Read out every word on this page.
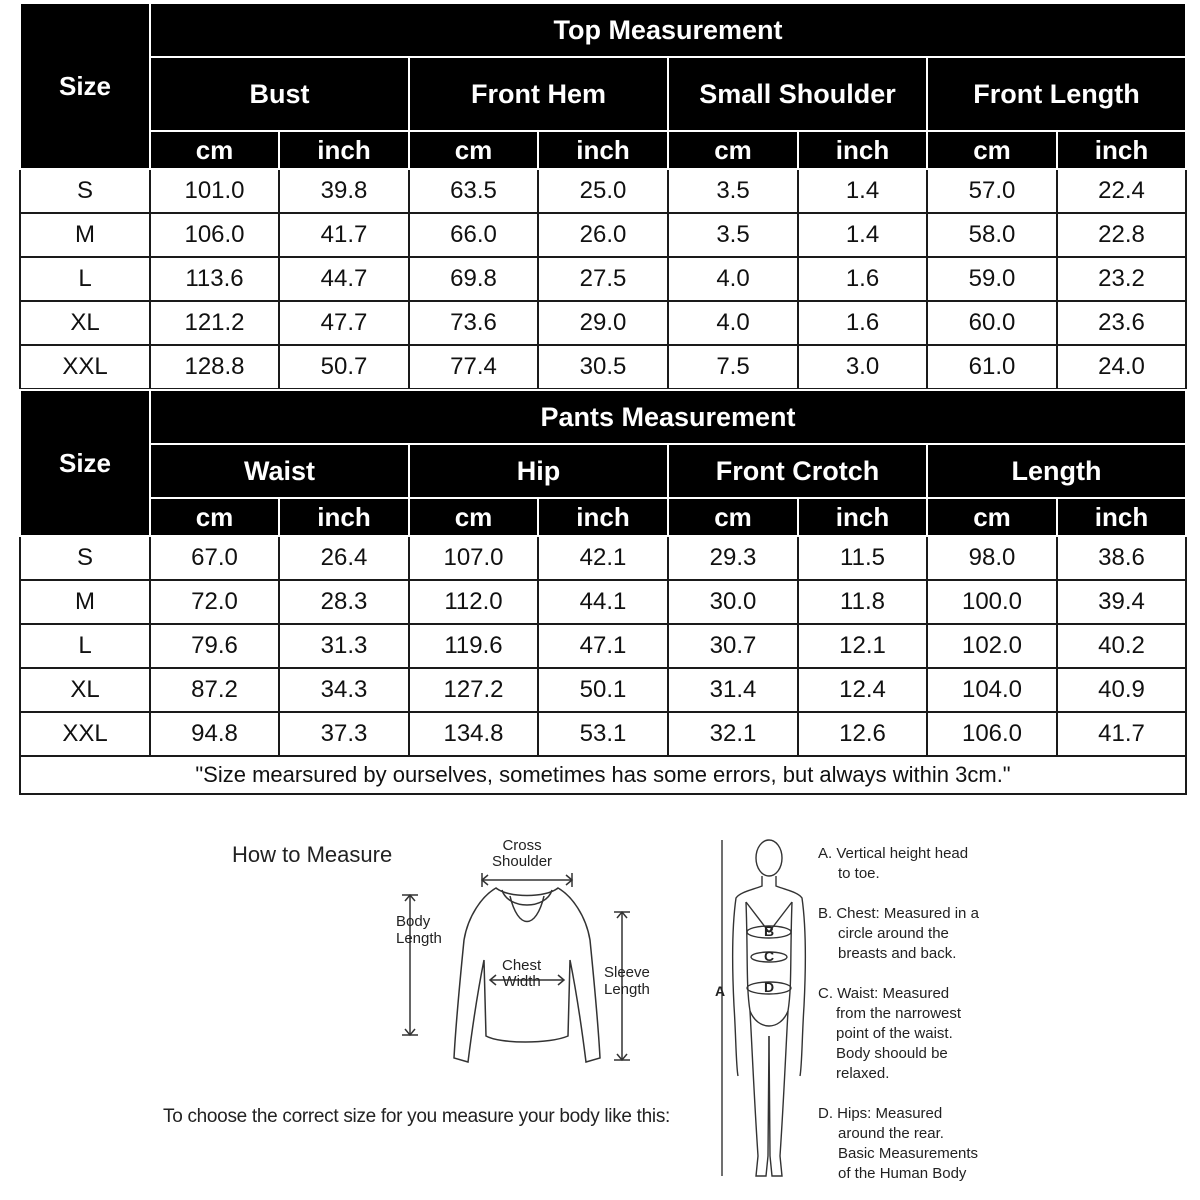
Size	Top Measurement							
	Bust		Front Hem		Small Shoulder		Front Length	
	cm	inch	cm	inch	cm	inch	cm	inch
S	101.0	39.8	63.5	25.0	3.5	1.4	57.0	22.4
M	106.0	41.7	66.0	26.0	3.5	1.4	58.0	22.8
L	113.6	44.7	69.8	27.5	4.0	1.6	59.0	23.2
XL	121.2	47.7	73.6	29.0	4.0	1.6	60.0	23.6
XXL	128.8	50.7	77.4	30.5	7.5	3.0	61.0	24.0
Size	Pants Measurement							
	Waist		Hip		Front Crotch		Length	
	cm	inch	cm	inch	cm	inch	cm	inch
S	67.0	26.4	107.0	42.1	29.3	11.5	98.0	38.6
M	72.0	28.3	112.0	44.1	30.0	11.8	100.0	39.4
L	79.6	31.3	119.6	47.1	30.7	12.1	102.0	40.2
XL	87.2	34.3	127.2	50.1	31.4	12.4	104.0	40.9
XXL	94.8	37.3	134.8	53.1	32.1	12.6	106.0	41.7
"Size mearsured by ourselves, sometimes has some errors, but always within 3cm."								
How to Measure
To choose the correct size for you measure your body like this:
Cross
Shoulder
Body
Length
Chest
Width
Sleeve
Length	A
B
C
D
A. Vertical height head
to toe.
B. Chest: Measured in a
circle around the
breasts and back.
C. Waist: Measured
from the narrowest
point of the waist.
Body shoould be
relaxed.
D. Hips: Measured
around the rear.
Basic Measurements
of the Human Body
